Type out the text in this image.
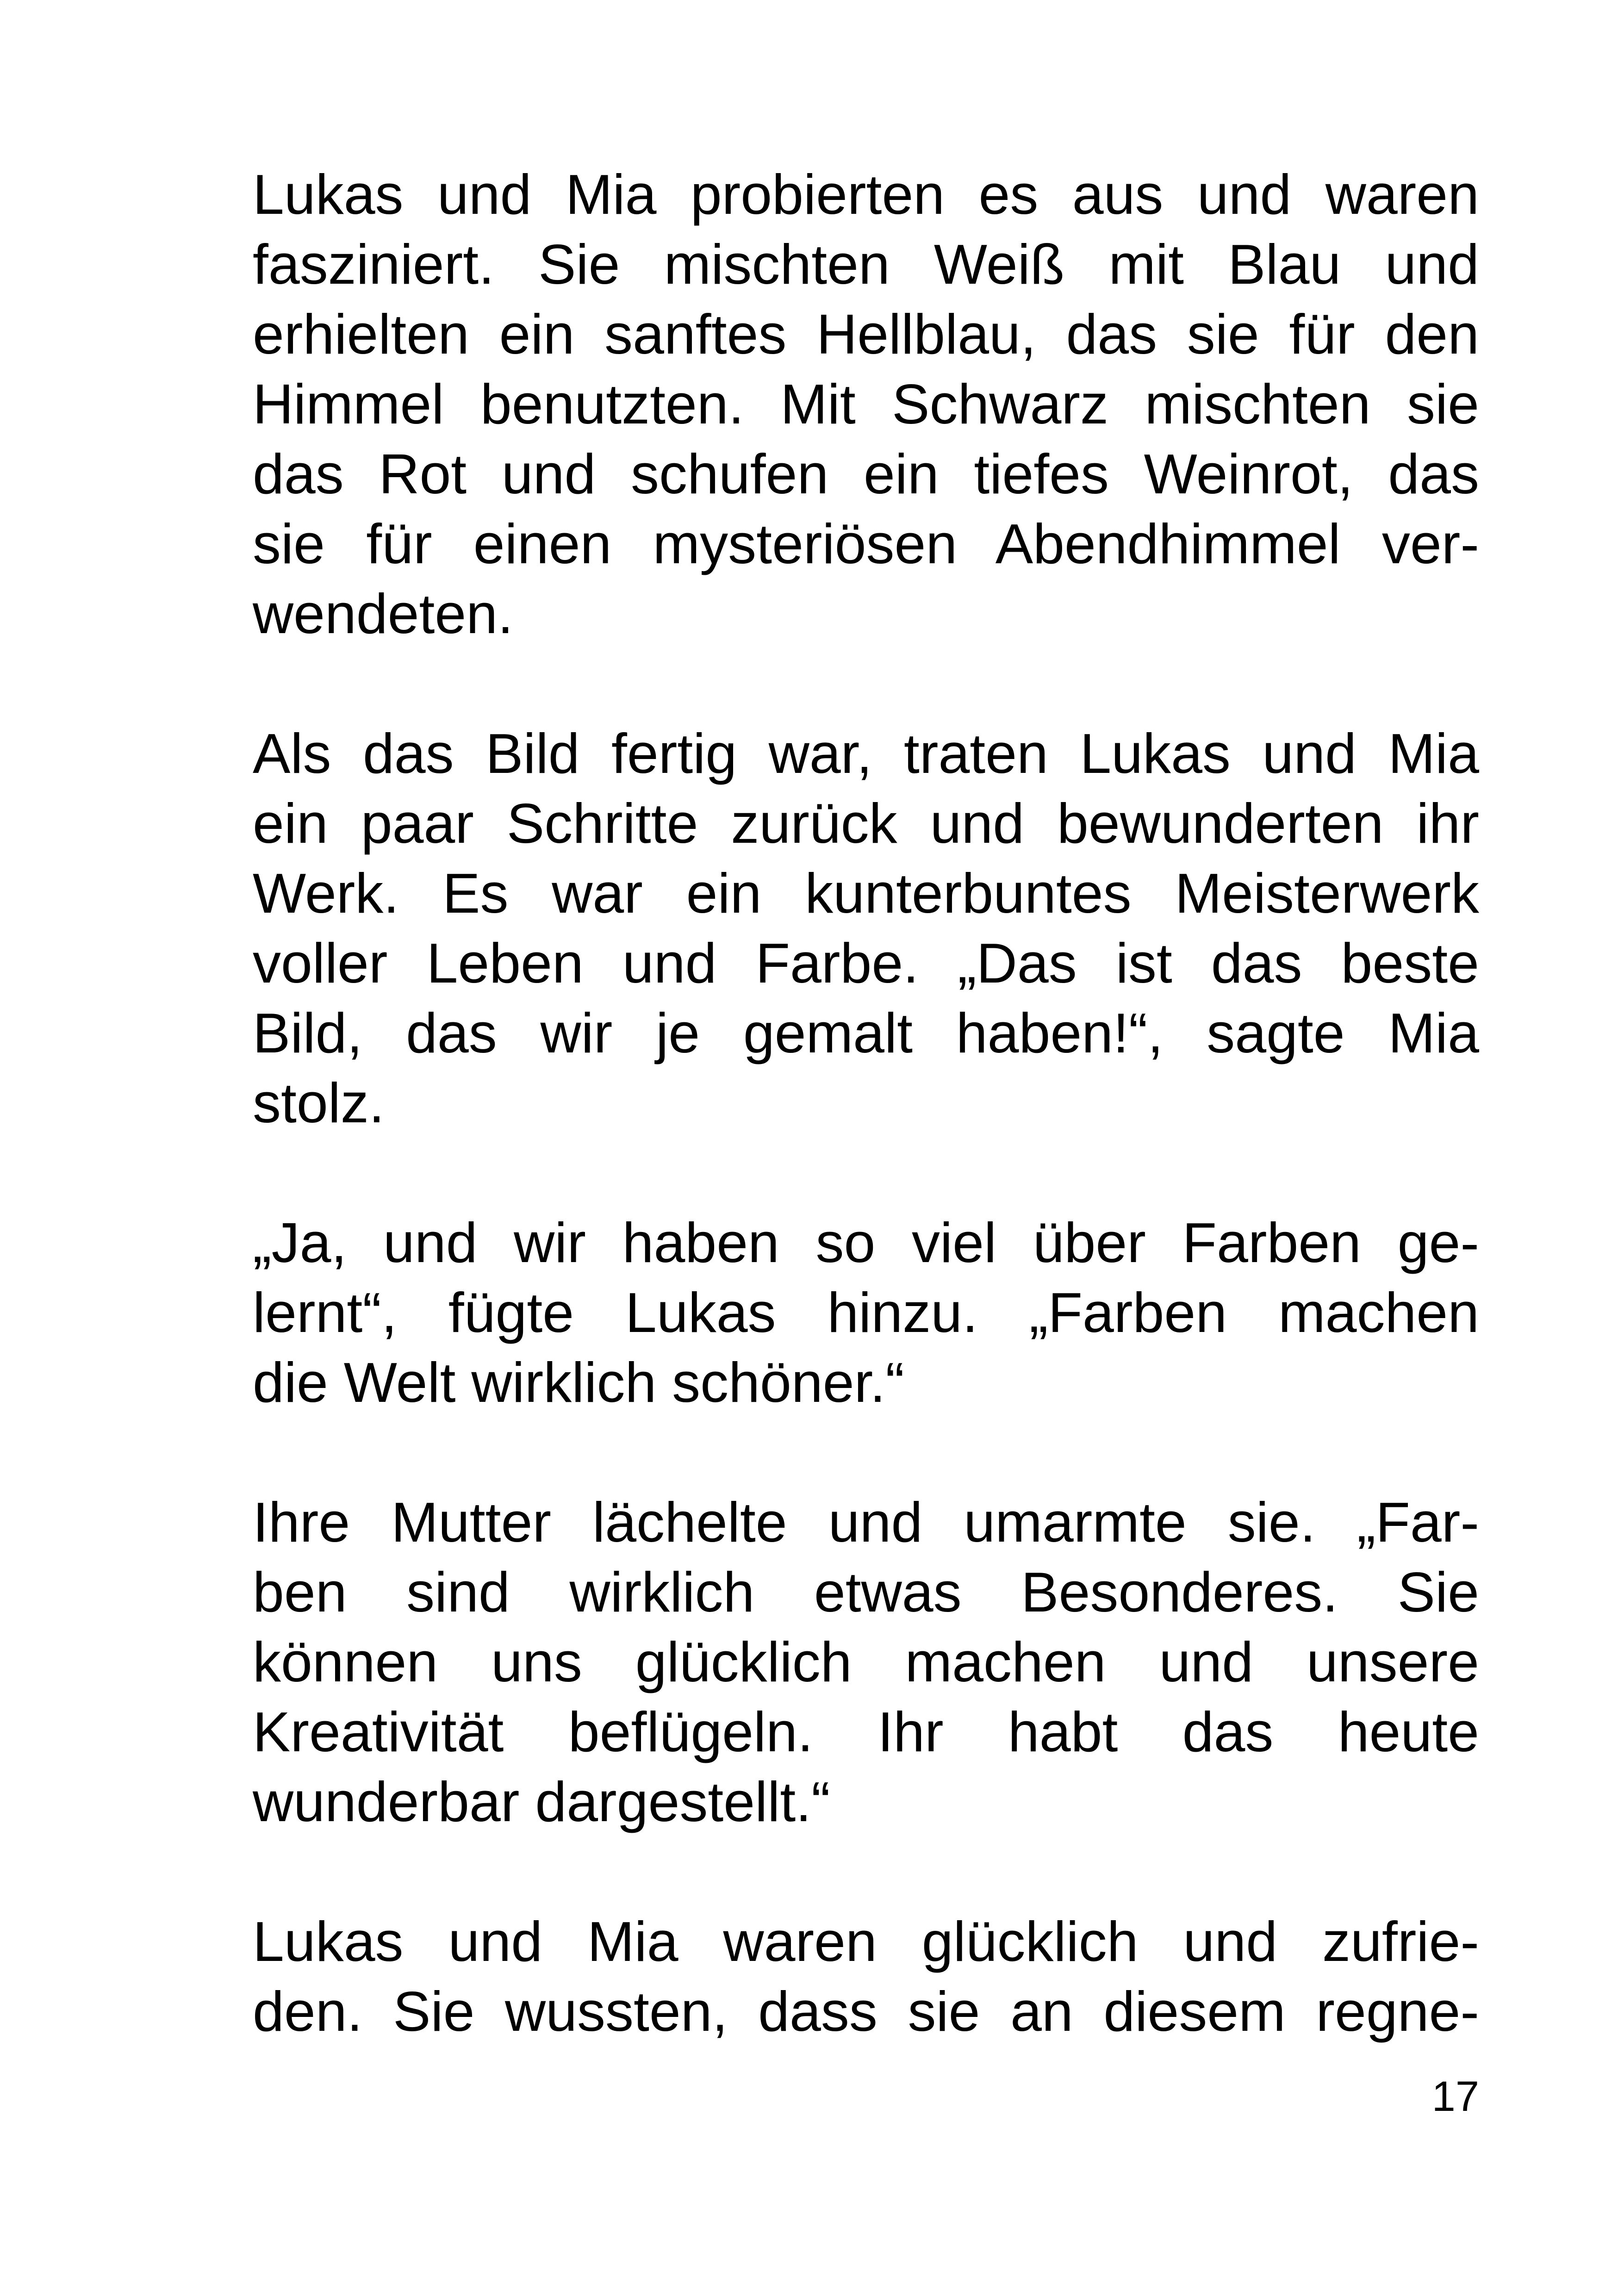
Lukas und Mia probierten es aus und waren
fasziniert. Sie mischten Weiß mit Blau und
erhielten ein sanftes Hellblau, das sie für den
Himmel benutzten. Mit Schwarz mischten sie
das Rot und schufen ein tiefes Weinrot, das
sie für einen mysteriösen Abendhimmel ver-
wendeten.
Als das Bild fertig war, traten Lukas und Mia
ein paar Schritte zurück und bewunderten ihr
Werk. Es war ein kunterbuntes Meisterwerk
voller Leben und Farbe. „Das ist das beste
Bild, das wir je gemalt haben!“, sagte Mia
stolz.
„Ja, und wir haben so viel über Farben ge-
lernt“, fügte Lukas hinzu. „Farben machen
die Welt wirklich schöner.“
Ihre Mutter lächelte und umarmte sie. „Far-
ben sind wirklich etwas Besonderes. Sie
können uns glücklich machen und unsere
Kreativität beflügeln. Ihr habt das heute
wunderbar dargestellt.“
Lukas und Mia waren glücklich und zufrie-
den. Sie wussten, dass sie an diesem regne-
17
